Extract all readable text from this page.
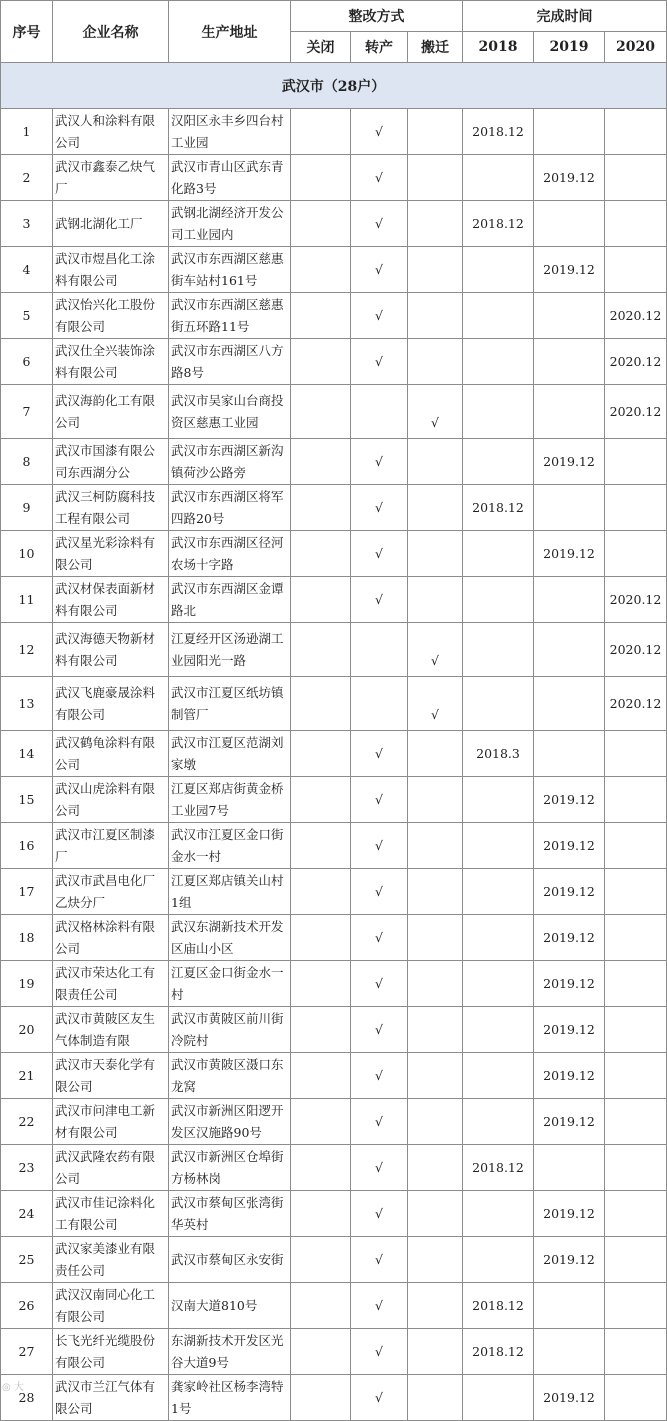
序号	企业名称	生产地址	整改方式			完成时间		
			关闭	转产	搬迁	2018	2019	2020
武汉市（28户）								
1	武汉人和涂料有限公司	汉阳区永丰乡四台村工业园		√		2018.12		
2	武汉市鑫泰乙炔气厂	武汉市青山区武东青化路3号		√			2019.12	
3	武钢北湖化工厂	武钢北湖经济开发公司工业园内		√		2018.12		
4	武汉市煜昌化工涂料有限公司	武汉市东西湖区慈惠街车站村161号		√			2019.12	
5	武汉怡兴化工股份有限公司	武汉市东西湖区慈惠街五环路11号		√				2020.12
6	武汉仕全兴装饰涂料有限公司	武汉市东西湖区八方路8号		√				2020.12
7	武汉海韵化工有限公司	武汉市吴家山台商投资区慈惠工业园			√			2020.12
8	武汉市国漆有限公司东西湖分公	武汉市东西湖区新沟镇荷沙公路旁		√			2019.12	
9	武汉三柯防腐科技工程有限公司	武汉市东西湖区将军四路20号		√		2018.12		
10	武汉星光彩涂料有限公司	武汉市东西湖区径河农场十字路		√			2019.12	
11	武汉材保表面新材料有限公司	武汉市东西湖区金谭路北		√				2020.12
12	武汉海德天物新材料有限公司	江夏经开区汤逊湖工业园阳光一路			√			2020.12
13	武汉飞鹿豪晟涂料有限公司	武汉市江夏区纸坊镇制管厂			√			2020.12
14	武汉鹤龟涂料有限公司	武汉市江夏区范湖刘家墩		√		2018.3		
15	武汉山虎涂料有限公司	江夏区郑店街黄金桥工业园7号		√			2019.12	
16	武汉市江夏区制漆厂	武汉市江夏区金口街金水一村		√			2019.12	
17	武汉市武昌电化厂乙炔分厂	江夏区郑店镇关山村1组		√			2019.12	
18	武汉格林涂料有限公司	武汉东湖新技术开发区庙山小区		√			2019.12	
19	武汉市荣达化工有限责任公司	江夏区金口街金水一村		√			2019.12	
20	武汉市黄陂区友生气体制造有限	武汉市黄陂区前川街冷院村		√			2019.12	
21	武汉市天泰化学有限公司	武汉市黄陂区滠口东龙窝		√			2019.12	
22	武汉市问津电工新材有限公司	武汉市新洲区阳逻开发区汉施路90号		√			2019.12	
23	武汉武隆农药有限公司	武汉市新洲区仓埠街方杨林岗		√		2018.12		
24	武汉市佳记涂料化工有限公司	武汉市蔡甸区张湾街华英村		√			2019.12	
25	武汉家美漆业有限责任公司	武汉市蔡甸区永安街		√			2019.12	
26	武汉汉南同心化工有限公司	汉南大道810号		√		2018.12		
27	长飞光纤光缆股份有限公司	东湖新技术开发区光谷大道9号		√		2018.12		
28	武汉市兰江气体有限公司	龚家岭社区杨李湾特1号		√			2019.12	
◎ 大
